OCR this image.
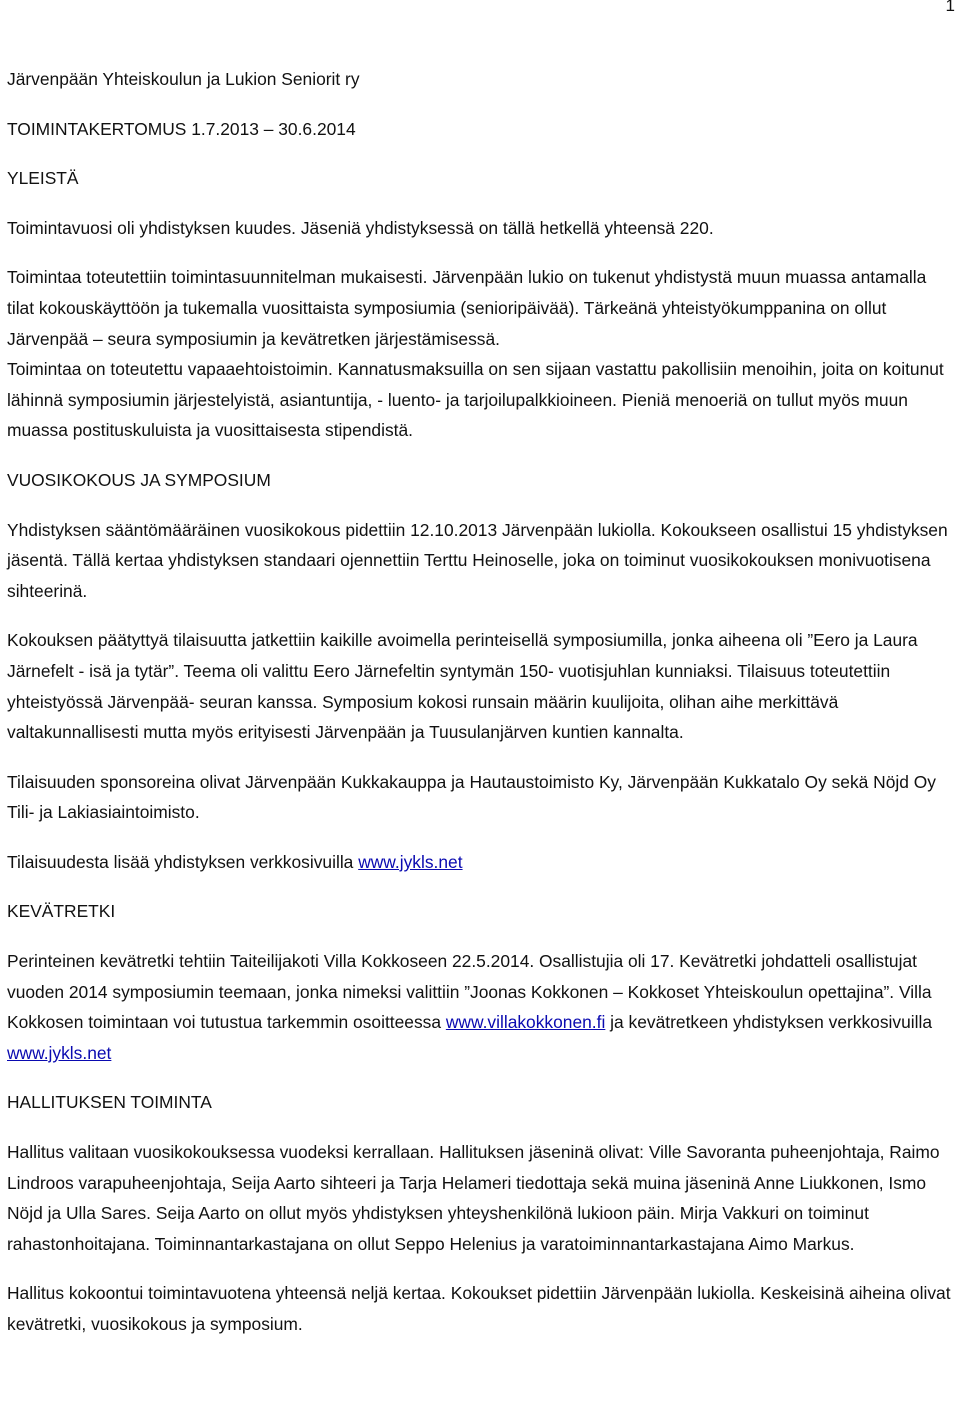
1

Järvenpään Yhteiskoulun ja Lukion Seniorit ry

TOIMINTAKERTOMUS 1.7.2013 – 30.6.2014

YLEISTÄ

Toimintavuosi oli yhdistyksen kuudes. Jäseniä yhdistyksessä on tällä hetkellä yhteensä 220.

Toimintaa toteutettiin toimintasuunnitelman mukaisesti. Järvenpään lukio on tukenut yhdistystä muun muassa antamalla tilat kokouskäyttöön ja tukemalla vuosittaista symposiumia (senioripäivää). Tärkeänä yhteistyökumppanina on ollut Järvenpää – seura symposiumin ja kevätretken järjestämisessä.

Toimintaa on toteutettu vapaaehtoistoimin. Kannatusmaksuilla on sen sijaan vastattu pakollisiin menoihin, joita on koitunut lähinnä symposiumin järjestelyistä, asiantuntija, - luento- ja tarjoilupalkkioineen. Pieniä menoeriä on tullut myös muun muassa postituskuluista ja vuosittaisesta stipendistä.

VUOSIKOKOUS JA SYMPOSIUM

Yhdistyksen sääntömääräinen vuosikokous pidettiin 12.10.2013 Järvenpään lukiolla. Kokoukseen osallistui 15 yhdistyksen jäsentä. Tällä kertaa yhdistyksen standaari ojennettiin Terttu Heinoselle, joka on toiminut vuosikokouksen monivuotisena sihteerinä.

Kokouksen päätyttyä tilaisuutta jatkettiin kaikille avoimella perinteisellä symposiumilla, jonka aiheena oli ”Eero ja Laura Järnefelt - isä ja tytär”. Teema oli valittu Eero Järnefeltin syntymän 150- vuotisjuhlan kunniaksi. Tilaisuus toteutettiin yhteistyössä Järvenpää- seuran kanssa. Symposium kokosi runsain määrin kuulijoita, olihan aihe merkittävä valtakunnallisesti mutta myös erityisesti Järvenpään ja Tuusulanjärven kuntien kannalta.

Tilaisuuden sponsoreina olivat Järvenpään Kukkakauppa ja Hautaustoimisto Ky, Järvenpään Kukkatalo Oy sekä Nöjd Oy Tili- ja Lakiasiaintoimisto.

Tilaisuudesta lisää yhdistyksen verkkosivuilla www.jykls.net

KEVÄTRETKI

Perinteinen kevätretki tehtiin Taiteilijakoti Villa Kokkoseen 22.5.2014. Osallistujia oli 17. Kevätretki johdatteli osallistujat vuoden 2014 symposiumin teemaan, jonka nimeksi valittiin ”Joonas Kokkonen – Kokkoset Yhteiskoulun opettajina”. Villa Kokkosen toimintaan voi tutustua tarkemmin osoitteessa www.villakokkonen.fi ja kevätretkeen yhdistyksen verkkosivuilla www.jykls.net

HALLITUKSEN TOIMINTA

Hallitus valitaan vuosikokouksessa vuodeksi kerrallaan. Hallituksen jäseninä olivat: Ville Savoranta puheenjohtaja, Raimo Lindroos varapuheenjohtaja, Seija Aarto sihteeri ja Tarja Helameri tiedottaja sekä muina jäseninä Anne Liukkonen, Ismo Nöjd ja Ulla Sares. Seija Aarto on ollut myös yhdistyksen yhteyshenkilönä lukioon päin. Mirja Vakkuri on toiminut rahastonhoitajana. Toiminnantarkastajana on ollut Seppo Helenius ja varatoiminnantarkastajana Aimo Markus.

Hallitus kokoontui toimintavuotena yhteensä neljä kertaa. Kokoukset pidettiin Järvenpään lukiolla. Keskeisinä aiheina olivat kevätretki, vuosikokous ja symposium.
